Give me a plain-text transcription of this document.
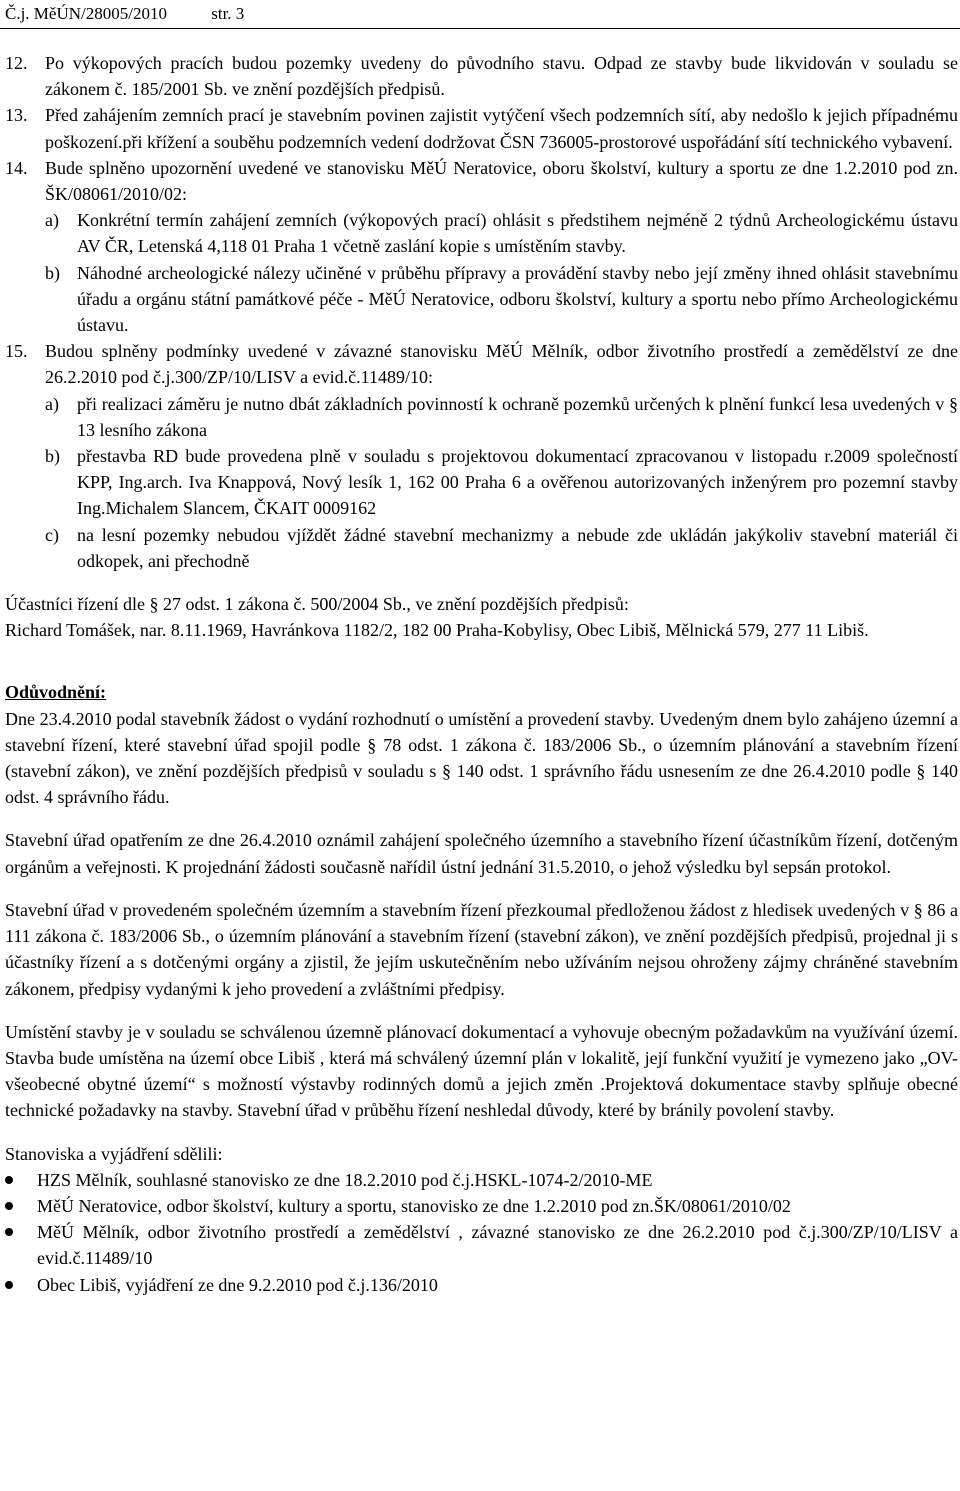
Č.j. MěÚN/28005/2010	str. 3

12. Po výkopových pracích budou pozemky uvedeny do původního stavu. Odpad ze stavby bude likvidován v souladu se zákonem č. 185/2001 Sb. ve znění pozdějších předpisů.

13. Před zahájením zemních prací je stavebním povinen zajistit vytýčení všech podzemních sítí, aby nedošlo k jejich případnému poškození.při křížení a souběhu podzemních vedení dodržovat ČSN 736005-prostorové uspořádání sítí technického vybavení.

14. Bude splněno upozornění uvedené ve stanovisku MěÚ Neratovice, oboru školství, kultury a sportu ze dne 1.2.2010 pod zn. ŠK/08061/2010/02:

a) Konkrétní termín zahájení zemních (výkopových prací) ohlásit s předstihem nejméně 2 týdnů Archeologickému ústavu AV ČR, Letenská 4,118 01 Praha 1 včetně zaslání kopie s umístěním stavby.

b) Náhodné archeologické nálezy učiněné v průběhu přípravy a provádění stavby nebo její změny ihned ohlásit stavebnímu úřadu a orgánu státní památkové péče - MěÚ Neratovice, odboru školství, kultury a sportu nebo přímo Archeologickému ústavu.

15. Budou splněny podmínky uvedené v závazné stanovisku MěÚ Mělník, odbor životního prostředí a zemědělství ze dne 26.2.2010 pod č.j.300/ZP/10/LISV a evid.č.11489/10:

a) při realizaci záměru je nutno dbát základních povinností k ochraně pozemků určených k plnění funkcí lesa uvedených v § 13 lesního zákona

b) přestavba RD bude provedena plně v souladu s projektovou dokumentací zpracovanou v listopadu r.2009 společností KPP, Ing.arch. Iva Knappová, Nový lesík 1, 162 00 Praha 6 a ověřenou autorizovaných inženýrem pro pozemní stavby Ing.Michalem Slancem, ČKAIT 0009162

c) na lesní pozemky nebudou vjíždět žádné stavební mechanizmy a nebude zde ukládán jakýkoliv stavební materiál či odkopek, ani přechodně

Účastníci řízení dle § 27 odst. 1 zákona č. 500/2004 Sb., ve znění pozdějších předpisů:

Richard Tomášek, nar. 8.11.1969, Havránkova 1182/2, 182 00 Praha-Kobylisy, Obec Libiš, Mělnická 579, 277 11 Libiš.

Odůvodnění:

Dne 23.4.2010 podal stavebník žádost o vydání rozhodnutí o umístění a provedení stavby. Uvedeným dnem bylo zahájeno územní a stavební řízení, které stavební úřad spojil podle § 78 odst. 1 zákona č. 183/2006 Sb., o územním plánování a stavebním řízení (stavební zákon), ve znění pozdějších předpisů v souladu s § 140 odst. 1 správního řádu usnesením ze dne 26.4.2010 podle § 140 odst. 4 správního řádu.

Stavební úřad opatřením ze dne 26.4.2010 oznámil zahájení společného územního a stavebního řízení účastníkům řízení, dotčeným orgánům a veřejnosti. K projednání žádosti současně nařídil ústní jednání 31.5.2010, o jehož výsledku byl sepsán protokol.

Stavební úřad v provedeném společném územním a stavebním řízení přezkoumal předloženou žádost z hledisek uvedených v § 86 a 111 zákona č. 183/2006 Sb., o územním plánování a stavebním řízení (stavební zákon), ve znění pozdějších předpisů, projednal ji s účastníky řízení a s dotčenými orgány a zjistil, že jejím uskutečněním nebo užíváním nejsou ohroženy zájmy chráněné stavebním zákonem, předpisy vydanými k jeho provedení a zvláštními předpisy.

Umístění stavby je v souladu se schválenou územně plánovací dokumentací a vyhovuje obecným požadavkům na využívání území. Stavba bude umístěna na území obce Libiš , která má schválený územní plán v lokalitě, její funkční využití je vymezeno jako „OV-všeobecné obytné území“ s možností výstavby rodinných domů a jejich změn .Projektová dokumentace stavby splňuje obecné technické požadavky na stavby. Stavební úřad v průběhu řízení neshledal důvody, které by bránily povolení stavby.

Stanoviska a vyjádření sdělili:

HZS Mělník, souhlasné stanovisko ze dne 18.2.2010 pod č.j.HSKL-1074-2/2010-ME
MěÚ Neratovice, odbor školství, kultury a sportu, stanovisko ze dne 1.2.2010 pod zn.ŠK/08061/2010/02
MěÚ Mělník, odbor životního prostředí a zemědělství , závazné stanovisko ze dne 26.2.2010 pod č.j.300/ZP/10/LISV a evid.č.11489/10
Obec Libiš, vyjádření ze dne 9.2.2010 pod č.j.136/2010
